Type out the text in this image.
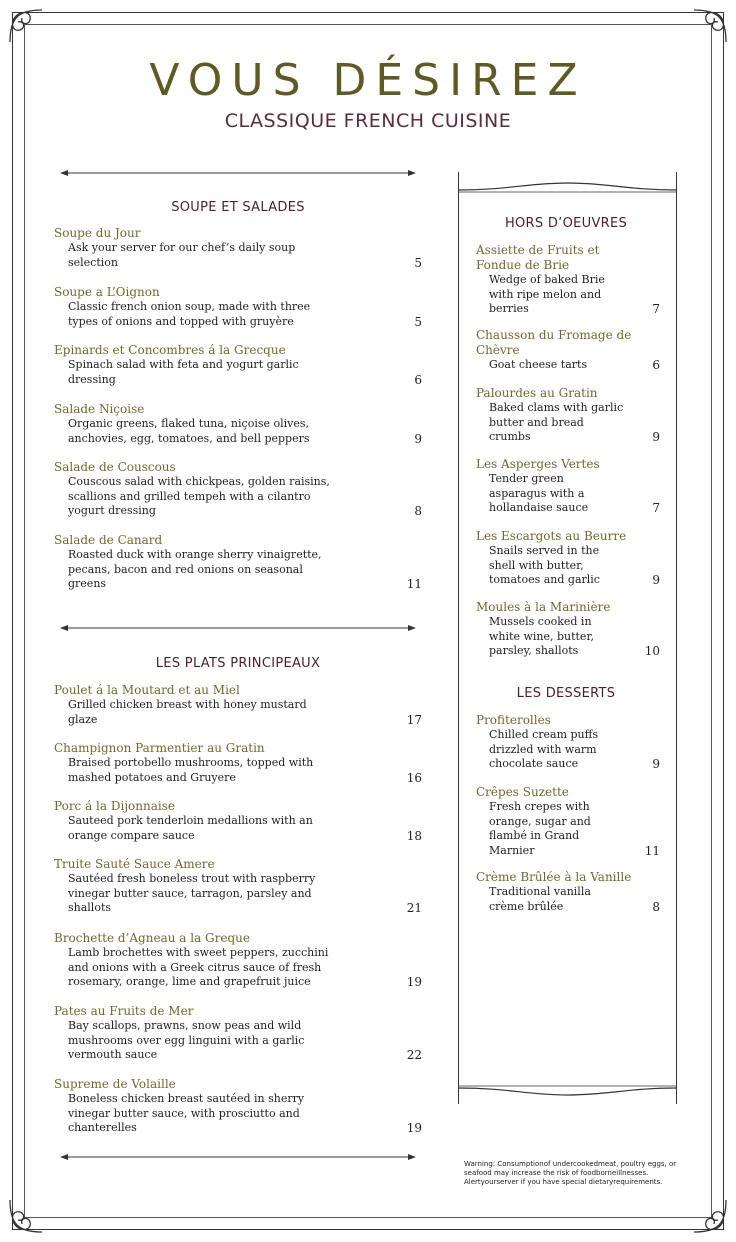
VOUS DÉSIREZ
CLASSIQUE FRENCH CUISINE
SOUPE ET SALADES
LES PLATS PRINCIPEAUX
HORS D’OEUVRES
LES DESSERTS
Soupe du Jour
Ask your server for our chef’s daily soup
selection	5
Soupe a L’Oignon
Classic french onion soup, made with three
types of onions and topped with gruyère	5
Epinards et Concombres á la Grecque
Spinach salad with feta and yogurt garlic
dressing	6
Salade Niçoise
Organic greens, flaked tuna, niçoise olives,
anchovies, egg, tomatoes, and bell peppers	9
Salade de Couscous
Couscous salad with chickpeas, golden raisins,
scallions and grilled tempeh with a cilantro
yogurt dressing	8
Salade de Canard
Roasted duck with orange sherry vinaigrette,
pecans, bacon and red onions on seasonal
greens	11
Poulet á la Moutard et au Miel
Grilled chicken breast with honey mustard
glaze	17
Champignon Parmentier au Gratin
Braised portobello mushrooms, topped with
mashed potatoes and Gruyere	16
Porc á la Dijonnaise
Sauteed pork tenderloin medallions with an
orange compare sauce	18
Truite Sauté Sauce Amere
Sautéed fresh boneless trout with raspberry
vinegar butter sauce, tarragon, parsley and
shallots	21
Brochette d’Agneau a la Greque
Lamb brochettes with sweet peppers, zucchini
and onions with a Greek citrus sauce of fresh
rosemary, orange, lime and grapefruit juice	19
Pates au Fruits de Mer
Bay scallops, prawns, snow peas and wild
mushrooms over egg linguini with a garlic
vermouth sauce	22
Supreme de Volaille
Boneless chicken breast sautéed in sherry
vinegar butter sauce, with prosciutto and
chanterelles	19
Assiette de Fruits et
Fondue de Brie
Wedge of baked Brie
with ripe melon and
berries	7
Chausson du Fromage de
Chèvre
Goat cheese tarts	6
Palourdes au Gratin
Baked clams with garlic
butter and bread
crumbs	9
Les Asperges Vertes
Tender green
asparagus with a
hollandaise sauce	7
Les Escargots au Beurre
Snails served in the
shell with butter,
tomatoes and garlic	9
Moules à la Marinière
Mussels cooked in
white wine, butter,
parsley, shallots	10
Profiterolles
Chilled cream puffs
drizzled with warm
chocolate sauce	9
Crêpes Suzette
Fresh crepes with
orange, sugar and
flambé in Grand
Marnier	11
Crème Brûlée à la Vanille
Traditional vanilla
crème brûlée	8
Warning: Consumptionof undercookedmeat, poultry eggs, or seafood may increase the risk of foodborneillnesses. Alertyourserver if you have special dietaryrequirements.
